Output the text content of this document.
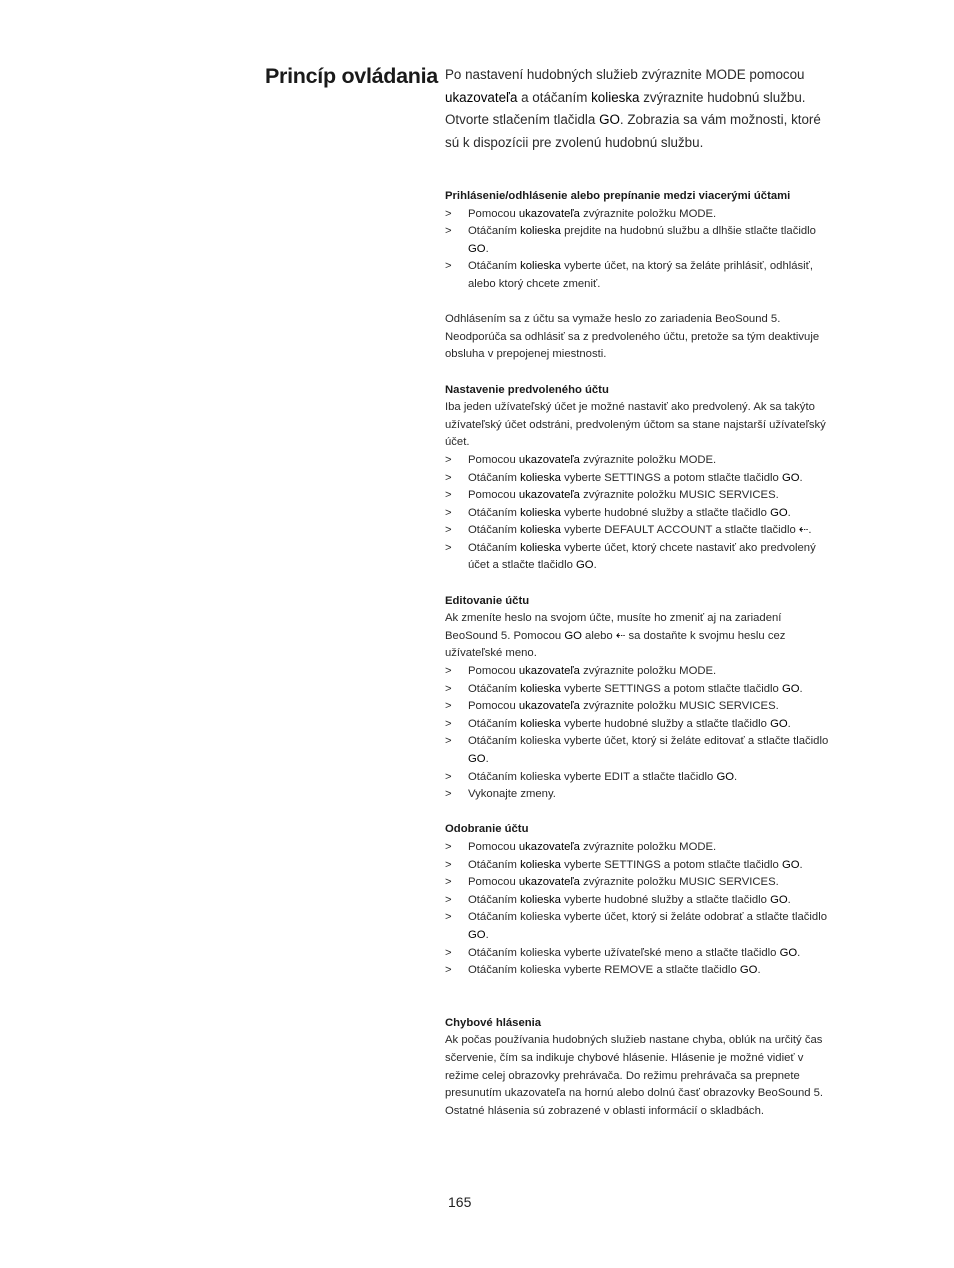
Princíp ovládania Po nastavení hudobných služieb zvýraznite MODE pomocou ukazovateľa a otáčaním kolieska zvýraznite hudobnú službu. Otvorte stlačením tlačidla GO. Zobrazia sa vám možnosti, ktoré sú k dispozícii pre zvolenú hudobnú službu.
Prihlásenie/odhlásenie alebo prepínanie medzi viacerými účtami
> Pomocou ukazovateľa zvýraznite položku MODE.
> Otáčaním kolieska prejdite na hudobnú službu a dlhšie stlačte tlačidlo GO.
> Otáčaním kolieska vyberte účet, na ktorý sa želáte prihlásiť, odhlásiť, alebo ktorý chcete zmeniť.

Odhlásením sa z účtu sa vymaže heslo zo zariadenia BeoSound 5. Neodporúča sa odhlásiť sa z predvoleného účtu, pretože sa tým deaktivuje obsluha v prepojenej miestnosti.

Nastavenie predvoleného účtu

Iba jeden užívateľský účet je možné nastaviť ako predvolený. Ak sa takýto užívateľský účet odstráni, predvoleným účtom sa stane najstarší užívateľský účet.

> Pomocou ukazovateľa zvýraznite položku MODE.
> Otáčaním kolieska vyberte SETTINGS a potom stlačte tlačidlo GO.
> Pomocou ukazovateľa zvýraznite položku MUSIC SERVICES.
> Otáčaním kolieska vyberte hudobné služby a stlačte tlačidlo GO.
> Otáčaním kolieska vyberte DEFAULT ACCOUNT a stlačte tlačidlo ⇠.
> Otáčaním kolieska vyberte účet, ktorý chcete nastaviť ako predvolený účet a stlačte tlačidlo GO.
Editovanie účtu

Ak zmeníte heslo na svojom účte, musíte ho zmeniť aj na zariadení BeoSound 5. Pomocou GO alebo ⇠ sa dostaňte k svojmu heslu cez užívateľské meno.

> Pomocou ukazovateľa zvýraznite položku MODE.
> Otáčaním kolieska vyberte SETTINGS a potom stlačte tlačidlo GO.
> Pomocou ukazovateľa zvýraznite položku MUSIC SERVICES.
> Otáčaním kolieska vyberte hudobné služby a stlačte tlačidlo GO.
> Otáčaním kolieska vyberte účet, ktorý si želáte editovať a stlačte tlačidlo GO.
> Otáčaním kolieska vyberte EDIT a stlačte tlačidlo GO.
> Vykonajte zmeny.
Odobranie účtu
> Pomocou ukazovateľa zvýraznite položku MODE.
> Otáčaním kolieska vyberte SETTINGS a potom stlačte tlačidlo GO.
> Pomocou ukazovateľa zvýraznite položku MUSIC SERVICES.
> Otáčaním kolieska vyberte hudobné služby a stlačte tlačidlo GO.
> Otáčaním kolieska vyberte účet, ktorý si želáte odobrať a stlačte tlačidlo GO.
> Otáčaním kolieska vyberte užívateľské meno a stlačte tlačidlo GO.
> Otáčaním kolieska vyberte REMOVE a stlačte tlačidlo GO.
Chybové hlásenia

Ak počas používania hudobných služieb nastane chyba, oblúk na určitý čas sčervenie, čím sa indikuje chybové hlásenie. Hlásenie je možné vidieť v režime celej obrazovky prehrávača. Do režimu prehrávača sa prepnete presunutím ukazovateľa na hornú alebo dolnú časť obrazovky BeoSound 5. Ostatné hlásenia sú zobrazené v oblasti informácií o skladbách.

165
